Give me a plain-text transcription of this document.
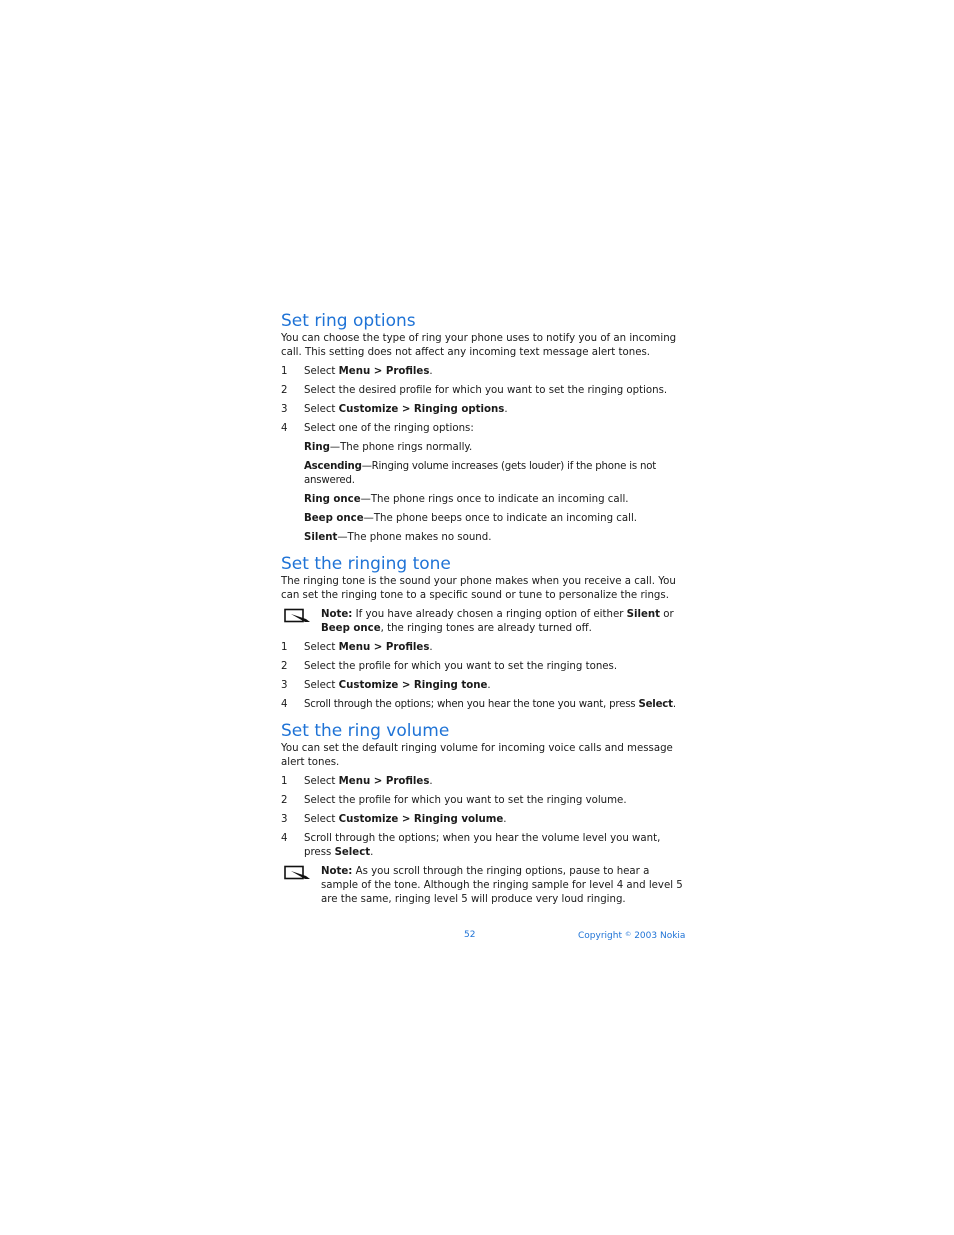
Set ring options

You can choose the type of ring your phone uses to notify you of an incoming call. This setting does not affect any incoming text message alert tones.

1 Select Menu > Profiles.

2 Select the desired profile for which you want to set the ringing options.

3 Select Customize > Ringing options.

4 Select one of the ringing options:

Ring—The phone rings normally.

Ascending—Ringing volume increases (gets louder) if the phone is not answered.

Ring once—The phone rings once to indicate an incoming call.

Beep once—The phone beeps once to indicate an incoming call.

Silent—The phone makes no sound.

Set the ringing tone

The ringing tone is the sound your phone makes when you receive a call. You can set the ringing tone to a specific sound or tune to personalize the rings.

Note: If you have already chosen a ringing option of either Silent or Beep once, the ringing tones are already turned off.

1 Select Menu > Profiles.

2 Select the profile for which you want to set the ringing tones.

3 Select Customize > Ringing tone.

4 Scroll through the options; when you hear the tone you want, press Select.

Set the ring volume

You can set the default ringing volume for incoming voice calls and message alert tones.

1 Select Menu > Profiles.

2 Select the profile for which you want to set the ringing volume.

3 Select Customize > Ringing volume.

4 Scroll through the options; when you hear the volume level you want, press Select.

Note: As you scroll through the ringing options, pause to hear a sample of the tone. Although the ringing sample for level 4 and level 5 are the same, ringing level 5 will produce very loud ringing.
52	Copyright © 2003 Nokia
